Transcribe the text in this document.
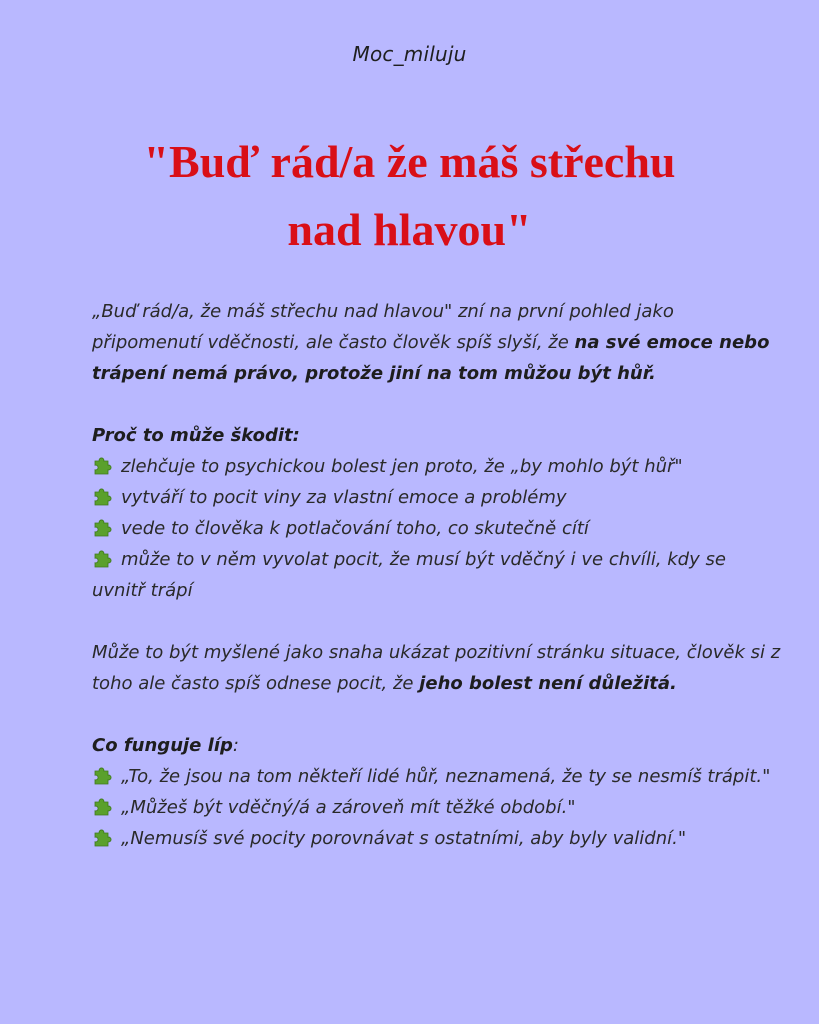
Moc_miluju
"Buď rád/a že máš střechu
nad hlavou"

„Buď rád/a, že máš střechu nad hlavou" zní na první pohled jako připomenutí vděčnosti, ale často člověk spíš slyší, že na své emoce nebo trápení nemá právo, protože jiní na tom můžou být hůř.

Proč to může škodit:
zlehčuje to psychickou bolest jen proto, že „by mohlo být hůř"
vytváří to pocit viny za vlastní emoce a problémy
vede to člověka k potlačování toho, co skutečně cítí
může to v něm vyvolat pocit, že musí být vděčný i ve chvíli, kdy se uvnitř trápí

Může to být myšlené jako snaha ukázat pozitivní stránku situace, člověk si z toho ale často spíš odnese pocit, že jeho bolest není důležitá.

Co funguje líp:
„To, že jsou na tom někteří lidé hůř, neznamená, že ty se nesmíš trápit."
„Můžeš být vděčný/á a zároveň mít těžké období."
„Nemusíš své pocity porovnávat s ostatními, aby byly validní."
